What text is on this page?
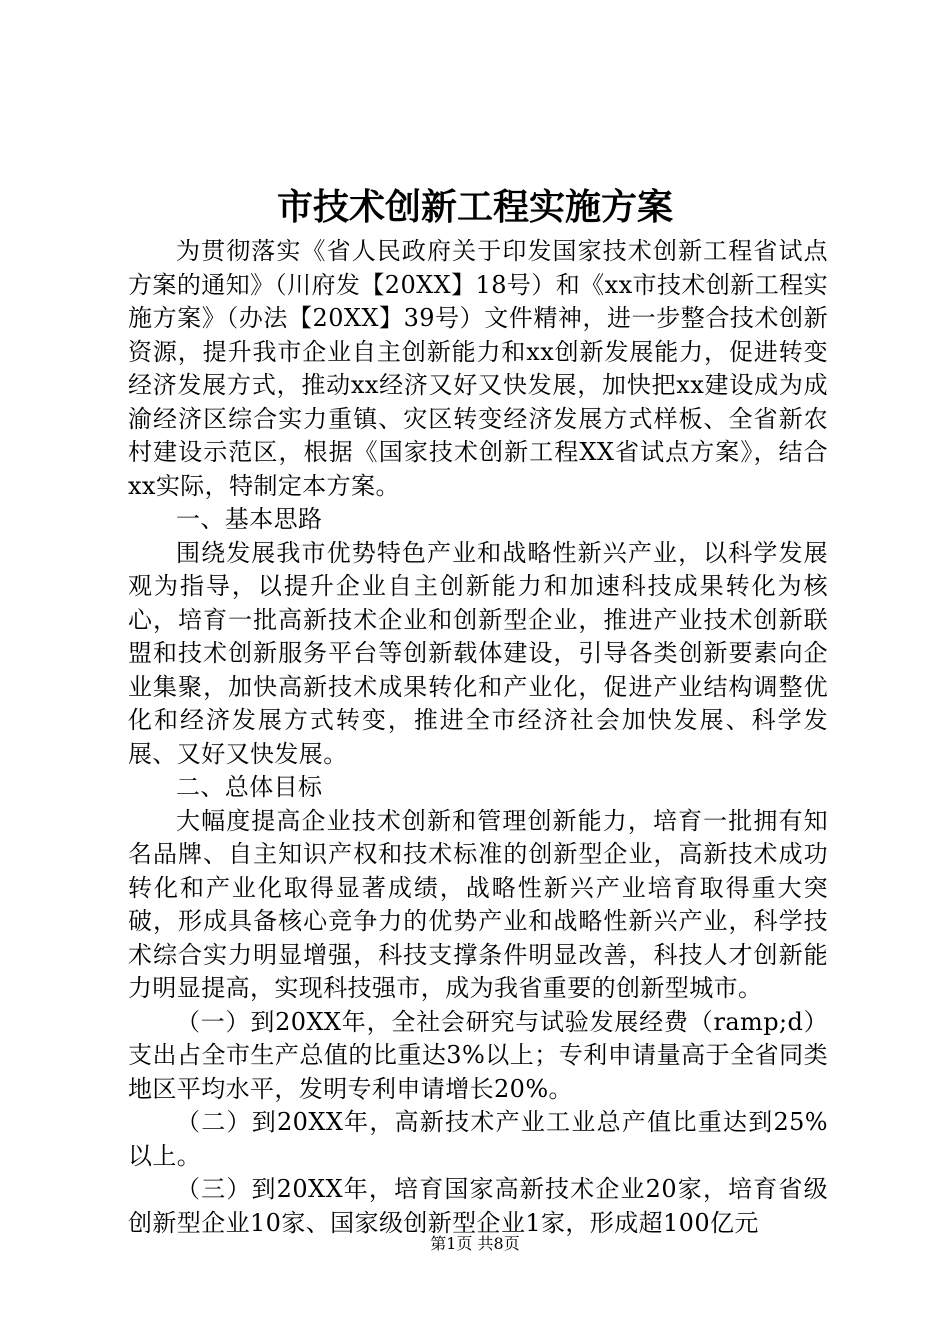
市技术创新工程实施方案

为贯彻落实《省人民政府关于印发国家技术创新工程省试点方案的通知》（川府发【20XX】18号）和《xx市技术创新工程实施方案》（办法【20XX】39号）文件精神，进一步整合技术创新资源，提升我市企业自主创新能力和xx创新发展能力，促进转变经济发展方式，推动xx经济又好又快发展，加快把xx建设成为成渝经济区综合实力重镇、灾区转变经济发展方式样板、全省新农村建设示范区，根据《国家技术创新工程XX省试点方案》，结合xx实际，特制定本方案。

一、基本思路

围绕发展我市优势特色产业和战略性新兴产业，以科学发展观为指导，以提升企业自主创新能力和加速科技成果转化为核心，培育一批高新技术企业和创新型企业，推进产业技术创新联盟和技术创新服务平台等创新载体建设，引导各类创新要素向企业集聚，加快高新技术成果转化和产业化，促进产业结构调整优化和经济发展方式转变，推进全市经济社会加快发展、科学发展、又好又快发展。

二、总体目标

大幅度提高企业技术创新和管理创新能力，培育一批拥有知名品牌、自主知识产权和技术标准的创新型企业，高新技术成功转化和产业化取得显著成绩，战略性新兴产业培育取得重大突破，形成具备核心竞争力的优势产业和战略性新兴产业，科学技术综合实力明显增强，科技支撑条件明显改善，科技人才创新能力明显提高，实现科技强市，成为我省重要的创新型城市。

（一）到20XX年，全社会研究与试验发展经费（ramp;d）支出占全市生产总值的比重达3%以上；专利申请量高于全省同类地区平均水平，发明专利申请增长20%。

（二）到20XX年，高新技术产业工业总产值比重达到25%以上。

（三）到20XX年，培育国家高新技术企业20家，培育省级创新型企业10家、国家级创新型企业1家，形成超100亿元

第1页 共8页
